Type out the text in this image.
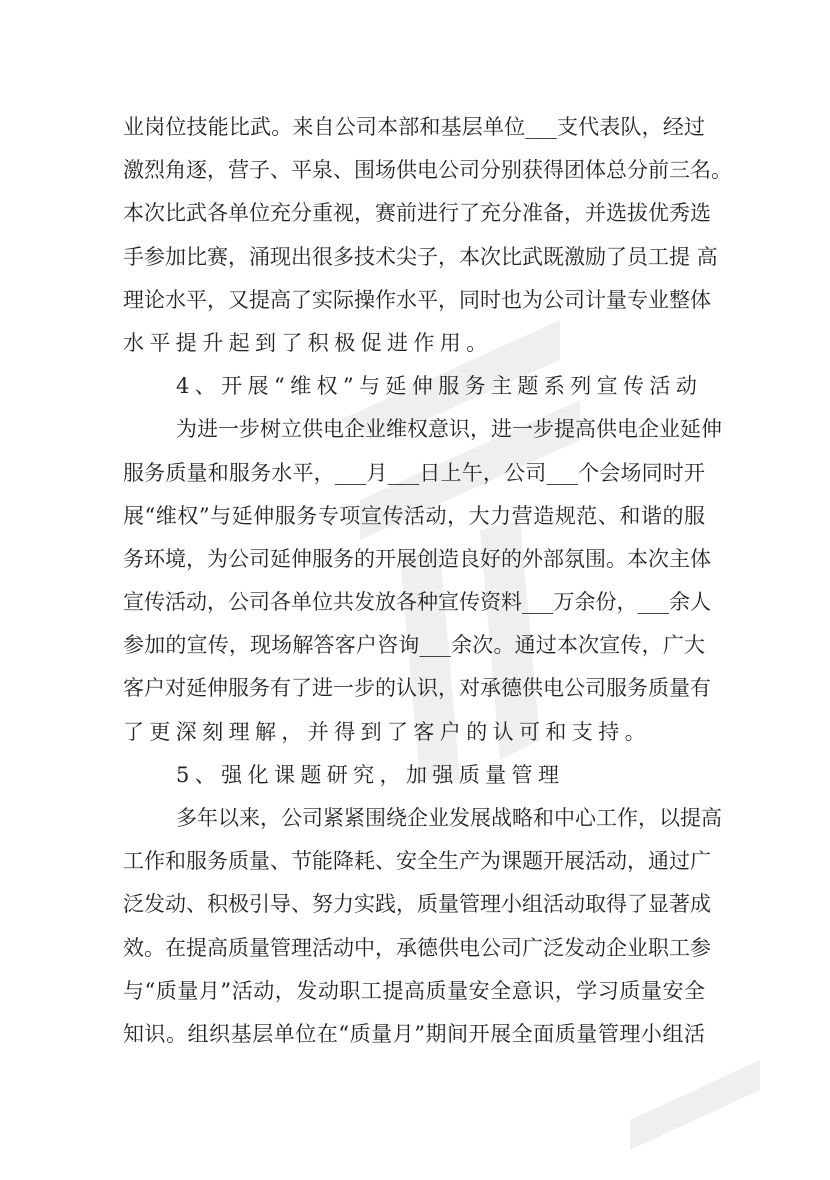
业岗位技能比武。来自公司本部和基层单位___支代表队，经过
激烈角逐，营子、平泉、围场供电公司分别获得团体总分前三名。
本次比武各单位充分重视，赛前进行了充分准备，并选拔优秀选
手参加比赛，涌现出很多技术尖子，本次比武既激励了员工提 高
理论水平，又提高了实际操作水平，同时也为公司计量专业整体
水平提升起到了积极促进作用。
4、开展“维权”与延伸服务主题系列宣传活动
为进一步树立供电企业维权意识，进一步提高供电企业延伸
服务质量和服务水平，___月___日上午，公司___个会场同时开
展“维权”与延伸服务专项宣传活动，大力营造规范、和谐的服
务环境，为公司延伸服务的开展创造良好的外部氛围。本次主体
宣传活动，公司各单位共发放各种宣传资料___万余份，___余人
参加的宣传，现场解答客户咨询___余次。通过本次宣传，广大
客户对延伸服务有了进一步的认识，对承德供电公司服务质量有
了更深刻理解，并得到了客户的认可和支持。
5、强化课题研究，加强质量管理
多年以来，公司紧紧围绕企业发展战略和中心工作，以提高
工作和服务质量、节能降耗、安全生产为课题开展活动，通过广
泛发动、积极引导、努力实践，质量管理小组活动取得了显著成
效。在提高质量管理活动中，承德供电公司广泛发动企业职工参
与“质量月”活动，发动职工提高质量安全意识，学习质量安全
知识。组织基层单位在“质量月”期间开展全面质量管理小组活
